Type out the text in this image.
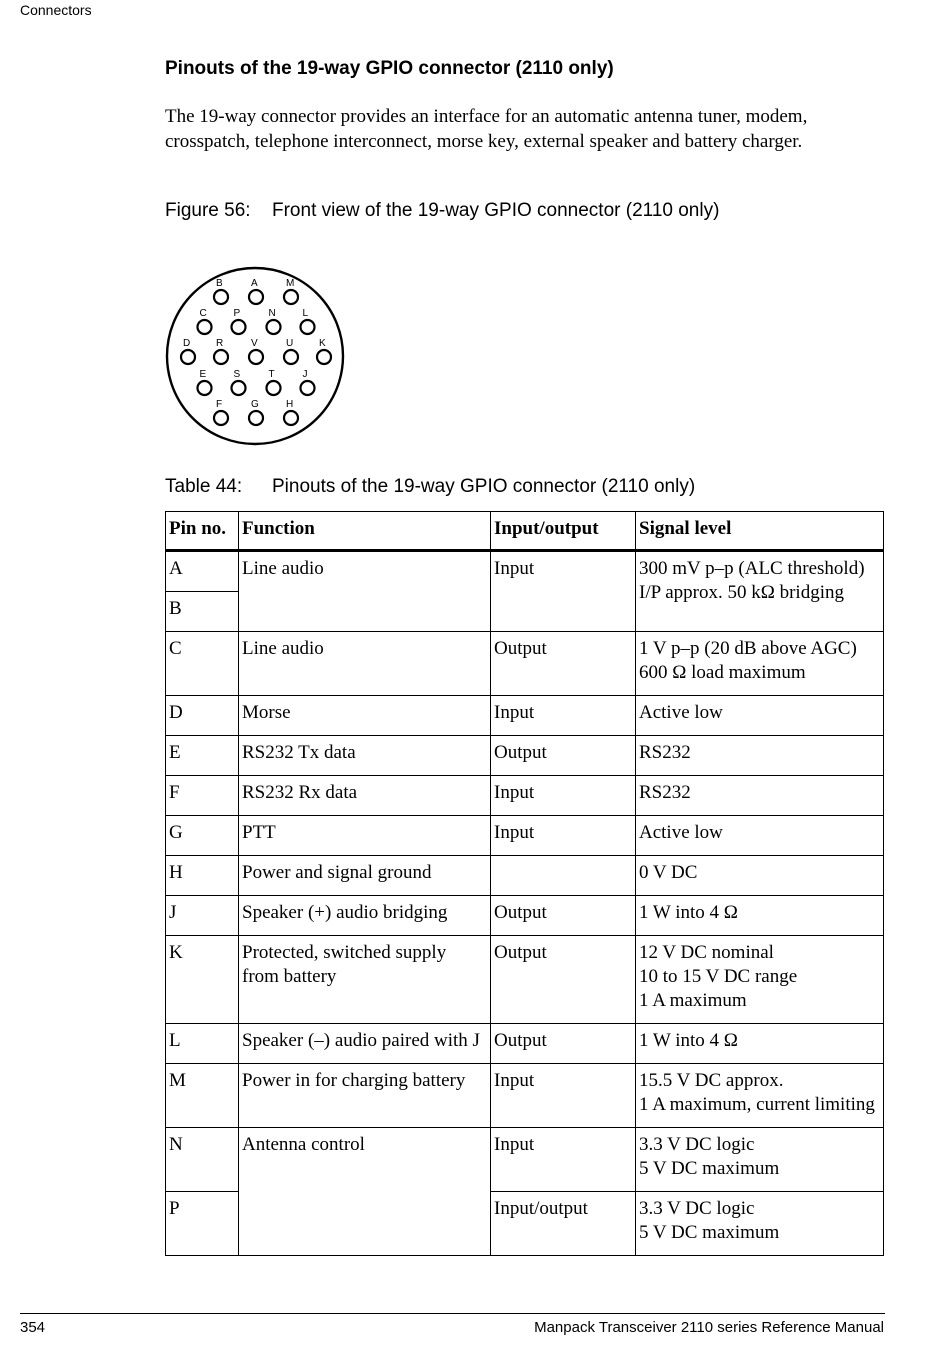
Connectors
Pinouts of the 19-way GPIO connector (2110 only)

The 19-way connector provides an interface for an automatic antenna tuner, modem, crosspatch, telephone interconnect, morse key, external speaker and battery charger.

Figure 56: Front view of the 19-way GPIO connector (2110 only)
B	A	M
C	P	N	L
D	R	V	U	K
E	S	T	J
F	G	H
Table 44: Pinouts of the 19-way GPIO connector (2110 only)
Pin no.	Function	Input/output	Signal level
A	Line audio	Input	300 mV p–p (ALC threshold)
I/P approx. 50 kΩ bridging
B			
C	Line audio	Output	1 V p–p (20 dB above AGC)
600 Ω load maximum
D	Morse	Input	Active low
E	RS232 Tx data	Output	RS232
F	RS232 Rx data	Input	RS232
G	PTT	Input	Active low
H	Power and signal ground		0 V DC
J	Speaker (+) audio bridging	Output	1 W into 4 Ω
K	Protected, switched supply from battery	Output	12 V DC nominal
10 to 15 V DC range
1 A maximum
L	Speaker (–) audio paired with J	Output	1 W into 4 Ω
M	Power in for charging battery	Input	15.5 V DC approx.
1 A maximum, current limiting
N	Antenna control	Input	3.3 V DC logic
5 V DC maximum
P		Input/output	3.3 V DC logic
5 V DC maximum
354	Manpack Transceiver 2110 series Reference Manual
